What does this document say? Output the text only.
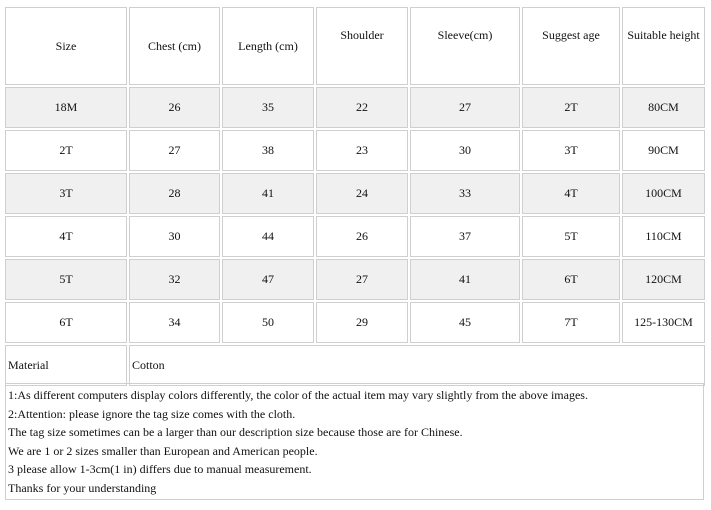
Size	Chest (cm)	Length (cm)	Shoulder	Sleeve(cm)	Suggest age	Suitable height
18M	26	35	22	27	2T	80CM
2T	27	38	23	30	3T	90CM
3T	28	41	24	33	4T	100CM
4T	30	44	26	37	5T	110CM
5T	32	47	27	41	6T	120CM
6T	34	50	29	45	7T	125-130CM
Material	Cotton					
1:As different computers display colors differently, the color of the actual item may vary slightly from the above images.
2:Attention: please ignore the tag size comes with the cloth.
The tag size sometimes can be a larger than our description size because those are for Chinese.
We are 1 or 2 sizes smaller than European and American people.
3 please allow 1-3cm(1 in) differs due to manual measurement.
Thanks for your understanding
